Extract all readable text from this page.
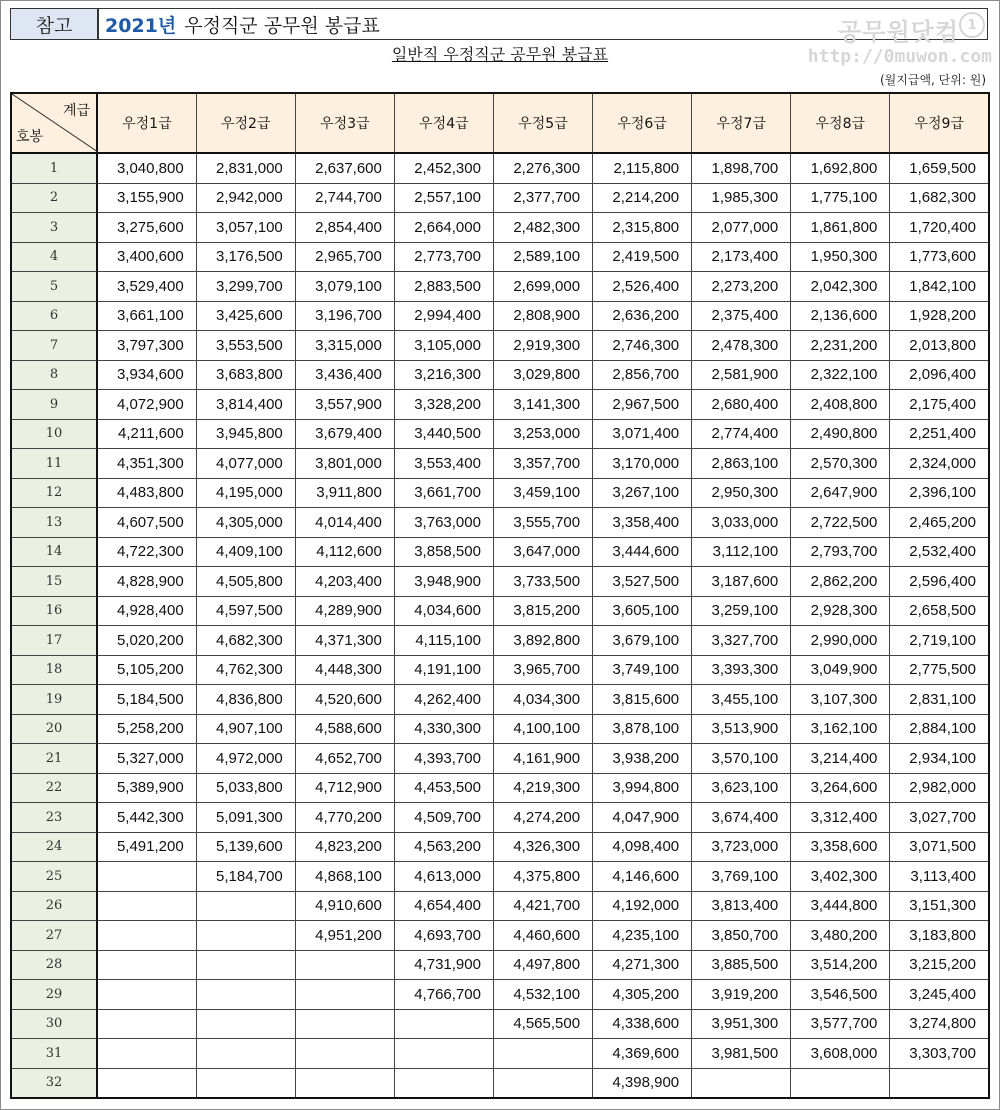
참고	2021년 우정직군 공무원 봉급표	공무원닷컴 1
일반직 우정직군 공무원 봉급표	http://0muwon.com
(월지급액, 단위: 원)
계급
호봉	우정1급	우정2급	우정3급	우정4급	우정5급	우정6급	우정7급	우정8급	우정9급
1	3,040,800	2,831,000	2,637,600	2,452,300	2,276,300	2,115,800	1,898,700	1,692,800	1,659,500
2	3,155,900	2,942,000	2,744,700	2,557,100	2,377,700	2,214,200	1,985,300	1,775,100	1,682,300
3	3,275,600	3,057,100	2,854,400	2,664,000	2,482,300	2,315,800	2,077,000	1,861,800	1,720,400
4	3,400,600	3,176,500	2,965,700	2,773,700	2,589,100	2,419,500	2,173,400	1,950,300	1,773,600
5	3,529,400	3,299,700	3,079,100	2,883,500	2,699,000	2,526,400	2,273,200	2,042,300	1,842,100
6	3,661,100	3,425,600	3,196,700	2,994,400	2,808,900	2,636,200	2,375,400	2,136,600	1,928,200
7	3,797,300	3,553,500	3,315,000	3,105,000	2,919,300	2,746,300	2,478,300	2,231,200	2,013,800
8	3,934,600	3,683,800	3,436,400	3,216,300	3,029,800	2,856,700	2,581,900	2,322,100	2,096,400
9	4,072,900	3,814,400	3,557,900	3,328,200	3,141,300	2,967,500	2,680,400	2,408,800	2,175,400
10	4,211,600	3,945,800	3,679,400	3,440,500	3,253,000	3,071,400	2,774,400	2,490,800	2,251,400
11	4,351,300	4,077,000	3,801,000	3,553,400	3,357,700	3,170,000	2,863,100	2,570,300	2,324,000
12	4,483,800	4,195,000	3,911,800	3,661,700	3,459,100	3,267,100	2,950,300	2,647,900	2,396,100
13	4,607,500	4,305,000	4,014,400	3,763,000	3,555,700	3,358,400	3,033,000	2,722,500	2,465,200
14	4,722,300	4,409,100	4,112,600	3,858,500	3,647,000	3,444,600	3,112,100	2,793,700	2,532,400
15	4,828,900	4,505,800	4,203,400	3,948,900	3,733,500	3,527,500	3,187,600	2,862,200	2,596,400
16	4,928,400	4,597,500	4,289,900	4,034,600	3,815,200	3,605,100	3,259,100	2,928,300	2,658,500
17	5,020,200	4,682,300	4,371,300	4,115,100	3,892,800	3,679,100	3,327,700	2,990,000	2,719,100
18	5,105,200	4,762,300	4,448,300	4,191,100	3,965,700	3,749,100	3,393,300	3,049,900	2,775,500
19	5,184,500	4,836,800	4,520,600	4,262,400	4,034,300	3,815,600	3,455,100	3,107,300	2,831,100
20	5,258,200	4,907,100	4,588,600	4,330,300	4,100,100	3,878,100	3,513,900	3,162,100	2,884,100
21	5,327,000	4,972,000	4,652,700	4,393,700	4,161,900	3,938,200	3,570,100	3,214,400	2,934,100
22	5,389,900	5,033,800	4,712,900	4,453,500	4,219,300	3,994,800	3,623,100	3,264,600	2,982,000
23	5,442,300	5,091,300	4,770,200	4,509,700	4,274,200	4,047,900	3,674,400	3,312,400	3,027,700
24	5,491,200	5,139,600	4,823,200	4,563,200	4,326,300	4,098,400	3,723,000	3,358,600	3,071,500
25		5,184,700	4,868,100	4,613,000	4,375,800	4,146,600	3,769,100	3,402,300	3,113,400
26			4,910,600	4,654,400	4,421,700	4,192,000	3,813,400	3,444,800	3,151,300
27			4,951,200	4,693,700	4,460,600	4,235,100	3,850,700	3,480,200	3,183,800
28				4,731,900	4,497,800	4,271,300	3,885,500	3,514,200	3,215,200
29				4,766,700	4,532,100	4,305,200	3,919,200	3,546,500	3,245,400
30					4,565,500	4,338,600	3,951,300	3,577,700	3,274,800
31						4,369,600	3,981,500	3,608,000	3,303,700
32						4,398,900			
